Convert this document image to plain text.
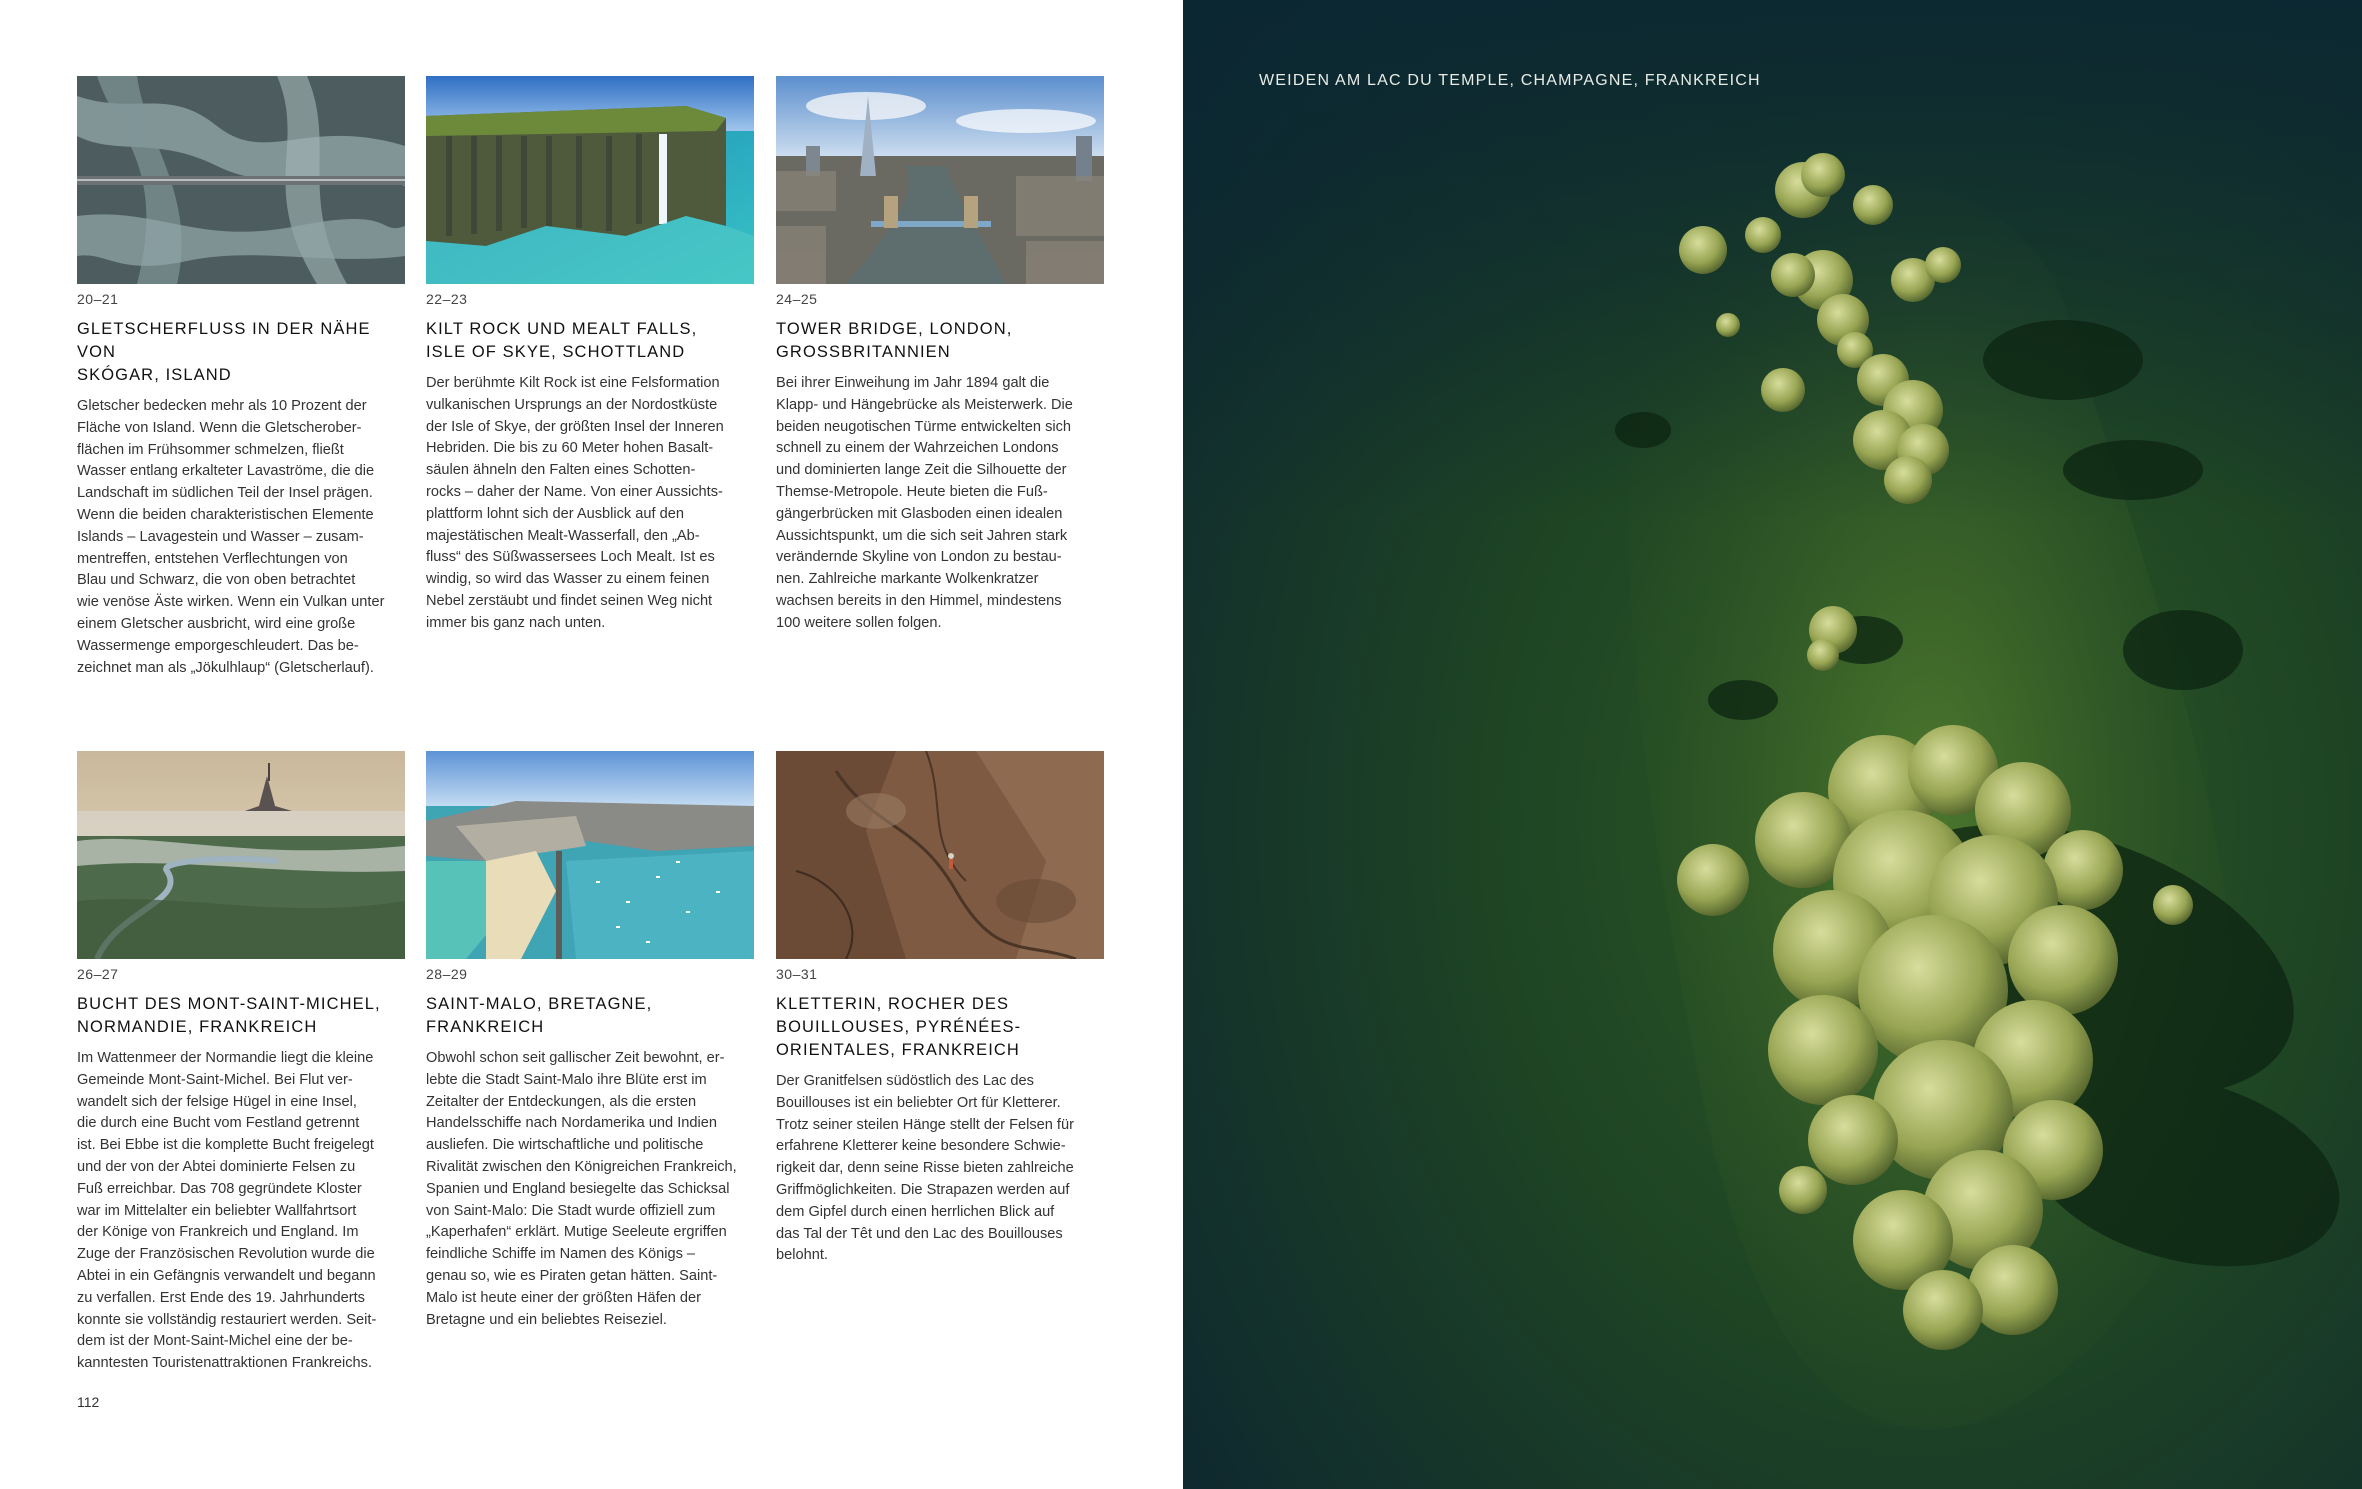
20–21
GLETSCHERFLUSS IN DER NÄHE VON
SKÓGAR, ISLAND
Gletscher bedecken mehr als 10 Prozent der
Fläche von Island. Wenn die Gletscherober-
flächen im Frühsommer schmelzen, fließt
Wasser entlang erkalteter Lavaströme, die die
Landschaft im südlichen Teil der Insel prägen.
Wenn die beiden charakteristischen Elemente
Islands – Lavagestein und Wasser – zusam-
mentreffen, entstehen Verflechtungen von
Blau und Schwarz, die von oben betrachtet
wie venöse Äste wirken. Wenn ein Vulkan unter
einem Gletscher ausbricht, wird eine große
Wassermenge emporgeschleudert. Das be-
zeichnet man als „Jökulhlaup“ (Gletscherlauf).
22–23
KILT ROCK UND MEALT FALLS,
ISLE OF SKYE, SCHOTTLAND
Der berühmte Kilt Rock ist eine Felsformation
vulkanischen Ursprungs an der Nordostküste
der Isle of Skye, der größten Insel der Inneren
Hebriden. Die bis zu 60 Meter hohen Basalt-
säulen ähneln den Falten eines Schotten-
rocks – daher der Name. Von einer Aussichts-
plattform lohnt sich der Ausblick auf den
majestätischen Mealt-Wasserfall, den „Ab-
fluss“ des Süßwassersees Loch Mealt. Ist es
windig, so wird das Wasser zu einem feinen
Nebel zerstäubt und findet seinen Weg nicht
immer bis ganz nach unten.
24–25
TOWER BRIDGE, LONDON,
GROSSBRITANNIEN
Bei ihrer Einweihung im Jahr 1894 galt die
Klapp- und Hängebrücke als Meisterwerk. Die
beiden neugotischen Türme entwickelten sich
schnell zu einem der Wahrzeichen Londons
und dominierten lange Zeit die Silhouette der
Themse-Metropole. Heute bieten die Fuß-
gängerbrücken mit Glasboden einen idealen
Aussichtspunkt, um die sich seit Jahren stark
verändernde Skyline von London zu bestau-
nen. Zahlreiche markante Wolkenkratzer
wachsen bereits in den Himmel, mindestens
100 weitere sollen folgen.
26–27
BUCHT DES MONT-SAINT-MICHEL,
NORMANDIE, FRANKREICH
Im Wattenmeer der Normandie liegt die kleine
Gemeinde Mont-Saint-Michel. Bei Flut ver-
wandelt sich der felsige Hügel in eine Insel,
die durch eine Bucht vom Festland getrennt
ist. Bei Ebbe ist die komplette Bucht freigelegt
und der von der Abtei dominierte Felsen zu
Fuß erreichbar. Das 708 gegründete Kloster
war im Mittelalter ein beliebter Wallfahrtsort
der Könige von Frankreich und England. Im
Zuge der Französischen Revolution wurde die
Abtei in ein Gefängnis verwandelt und begann
zu verfallen. Erst Ende des 19. Jahrhunderts
konnte sie vollständig restauriert werden. Seit-
dem ist der Mont-Saint-Michel eine der be-
kanntesten Touristenattraktionen Frankreichs.
28–29
SAINT-MALO, BRETAGNE,
FRANKREICH
Obwohl schon seit gallischer Zeit bewohnt, er-
lebte die Stadt Saint-Malo ihre Blüte erst im
Zeitalter der Entdeckungen, als die ersten
Handelsschiffe nach Nordamerika und Indien
ausliefen. Die wirtschaftliche und politische
Rivalität zwischen den Königreichen Frankreich,
Spanien und England besiegelte das Schicksal
von Saint-Malo: Die Stadt wurde offiziell zum
„Kaperhafen“ erklärt. Mutige Seeleute ergriffen
feindliche Schiffe im Namen des Königs –
genau so, wie es Piraten getan hätten. Saint-
Malo ist heute einer der größten Häfen der
Bretagne und ein beliebtes Reiseziel.
30–31
KLETTERIN, ROCHER DES
BOUILLOUSES, PYRÉNÉES-
ORIENTALES, FRANKREICH
Der Granitfelsen südöstlich des Lac des
Bouillouses ist ein beliebter Ort für Kletterer.
Trotz seiner steilen Hänge stellt der Felsen für
erfahrene Kletterer keine besondere Schwie-
rigkeit dar, denn seine Risse bieten zahlreiche
Griffmöglichkeiten. Die Strapazen werden auf
dem Gipfel durch einen herrlichen Blick auf
das Tal der Têt und den Lac des Bouillouses
belohnt.
112
WEIDEN AM LAC DU TEMPLE, CHAMPAGNE, FRANKREICH
